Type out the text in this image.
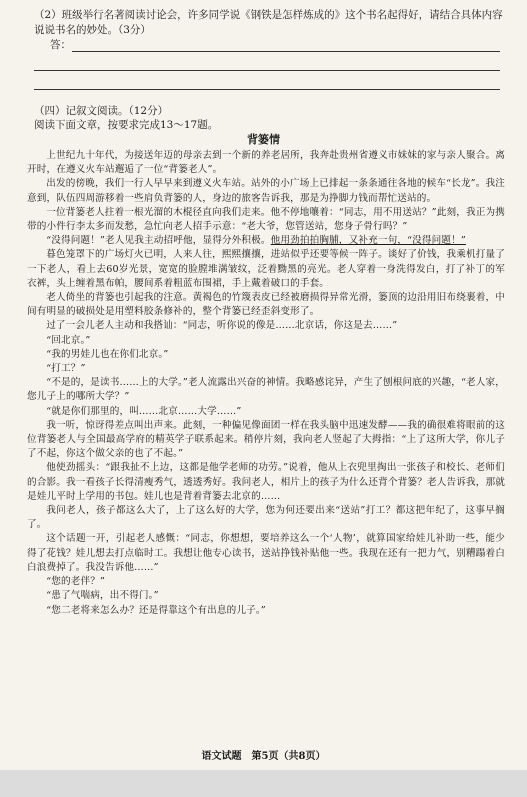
（2）班级举行名著阅读讨论会，许多同学说《钢铁是怎样炼成的》这个书名起得好，请结合具体内容说说书名的妙处。（3分）
答：
（四）记叙文阅读。（12分）
阅读下面文章，按要求完成13～17题。
背篓情

上世纪九十年代，为接送年迈的母亲去到一个新的养老居所，我奔赴贵州省遵义市妹妹的家与亲人聚合。离开时，在遵义火车站邂逅了一位“背篓老人”。

出发的傍晚，我们一行人早早来到遵义火车站。站外的小广场上已排起一条条通往各地的候车“长龙”。我注意到，队伍四周游移着一些肩负背篓的人，身边的旅客告诉我，那是为挣脚力钱而帮忙送站的。

一位背篓老人拄着一根光溜的木棍径直向我们走来。他不停地嚷着：“同志，用不用送站？”此刻，我正为携带的小件行李太多而发愁，急忙向老人招手示意：“老大爷，您管送站，您身子骨行吗？”

“没得问题！”老人见我主动招呼他，显得分外积极。他用劲拍拍胸脯，又补充一句，“没得问题！”

暮色笼罩下的广场灯火已明，人来人往，熙熙攘攘，进站似乎还要等候一阵子。谈好了价钱，我乘机打量了一下老人，看上去60岁光景，宽宽的脸膛堆满皱纹，泛着黝黑的亮光。老人穿着一身洗得发白，打了补丁的军衣裤，头上缠着黑布帕，腰间系着粗蓝布围裙，手上戴着破口的手套。

老人倚坐的背篓也引起我的注意。黄褐色的竹篾表皮已经被磨损得异常光滑，篓顶的边沿用旧布绕裹着，中间有明显的破损处是用塑料胶条修补的，整个背篓已经歪斜变形了。

过了一会儿老人主动和我搭讪：“同志，听你说的像是……北京话，你这是去……”

“回北京。”

“我的男娃儿也在你们北京。”

“打工？”

“不是的，是读书……上的大学。”老人流露出兴奋的神情。我略感诧异，产生了刨根问底的兴趣，“老人家，您儿子上的哪所大学？”

“就是你们那里的，叫……北京……大学……”

我一听，惊讶得差点叫出声来。此刻，一种偏见像面团一样在我头脑中迅速发酵——我的确很难将眼前的这位背篓老人与全国最高学府的精英学子联系起来。稍停片刻，我向老人竖起了大拇指：“上了这所大学，你儿子了不起，你这个做父亲的也了不起。”

他使劲摇头：“跟我扯不上边，这都是他学老师的功劳。”说着，他从上衣兜里掏出一张孩子和校长、老师们的合影。我一看孩子长得清瘦秀气，透透秀好。我问老人，相片上的孩子为什么还背个背篓？老人告诉我，那就是娃儿平时上学用的书包。娃儿也是背着背篓去北京的……

我问老人，孩子都这么大了，上了这么好的大学，您为何还要出来“送站”打工？都这把年纪了，这事早搁了。

这个话题一开，引起老人感慨：“同志，你想想，要培养这么一个‘人物’，就算国家给娃儿补助一些，能少得了花钱？娃儿想去打点临时工。我想让他专心读书，送站挣钱补贴他一些。我现在还有一把力气，别糟蹋着白白浪费掉了。我没告诉他……”

“您的老伴？”

“患了气喘病，出不得门。”

“您二老将来怎么办？还是得靠这个有出息的儿子。”

语文试题　第5页（共8页）
